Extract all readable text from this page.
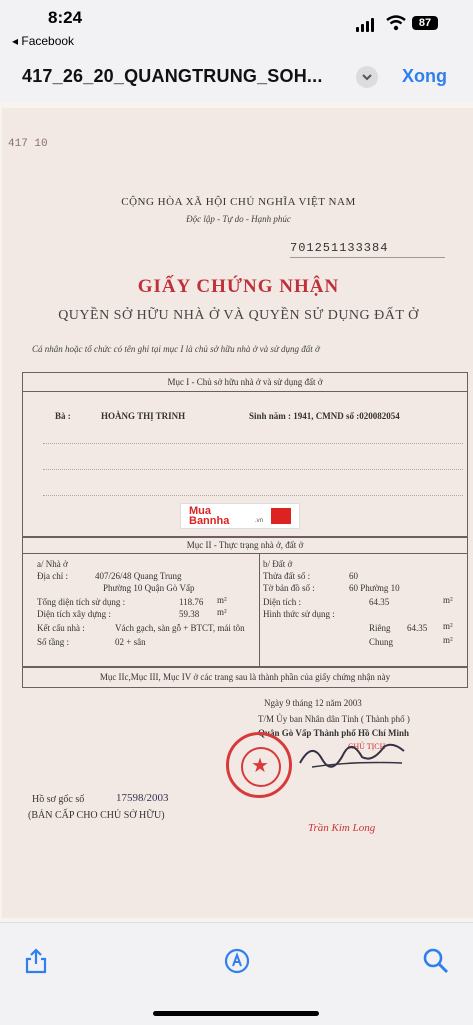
8:24
◂ Facebook
87
417_26_20_QUANGTRUNG_SOH...	Xong
417 10
CỘNG HÒA XÃ HỘI CHỦ NGHĨA VIỆT NAM
Độc lập - Tự do - Hạnh phúc
701251133384
GIẤY CHỨNG NHẬN
QUYỀN SỞ HỮU NHÀ Ở VÀ QUYỀN SỬ DỤNG ĐẤT Ở
Cá nhân hoặc tổ chức có tên ghi tại mục I là chủ sở hữu nhà ở và sử dụng đất ở
Mục I - Chủ sở hữu nhà ở và sử dụng đất ở
Bà :	HOÀNG THỊ TRINH	Sinh năm : 1941, CMND số :020082054
Mua
Bannha	.vn
Mục II - Thực trạng nhà ở, đất ở
a/ Nhà ở
Địa chỉ :	407/26/48 Quang Trung
Phường 10 Quận Gò Vấp
Tổng diện tích sử dụng :	118.76 m²
Diện tích xây dựng :	59.38 m²
Kết cấu nhà :	Vách gạch, sàn gỗ + BTCT, mái tôn
Số tầng :	02 + sân
b/ Đất ở
Thửa đất số :	60
Tờ bản đồ số :	60 Phường 10
Diện tích :	64.35	m²
Hình thức sử dụng :
Riêng 64.35 m²
Chung	m²
Mục IIc,Mục III, Mục IV ở các trang sau là thành phần của giấy chứng nhận này
Ngày 9 tháng 12 năm 2003
T/M Ủy ban Nhân dân Tỉnh ( Thành phố )
Quận Gò Vấp Thành phố Hồ Chí Minh
CHỦ TỊCH
★
Trần Kim Long
Hồ sơ gốc số	17598/2003
(BẢN CẤP CHO CHỦ SỞ HỮU)
